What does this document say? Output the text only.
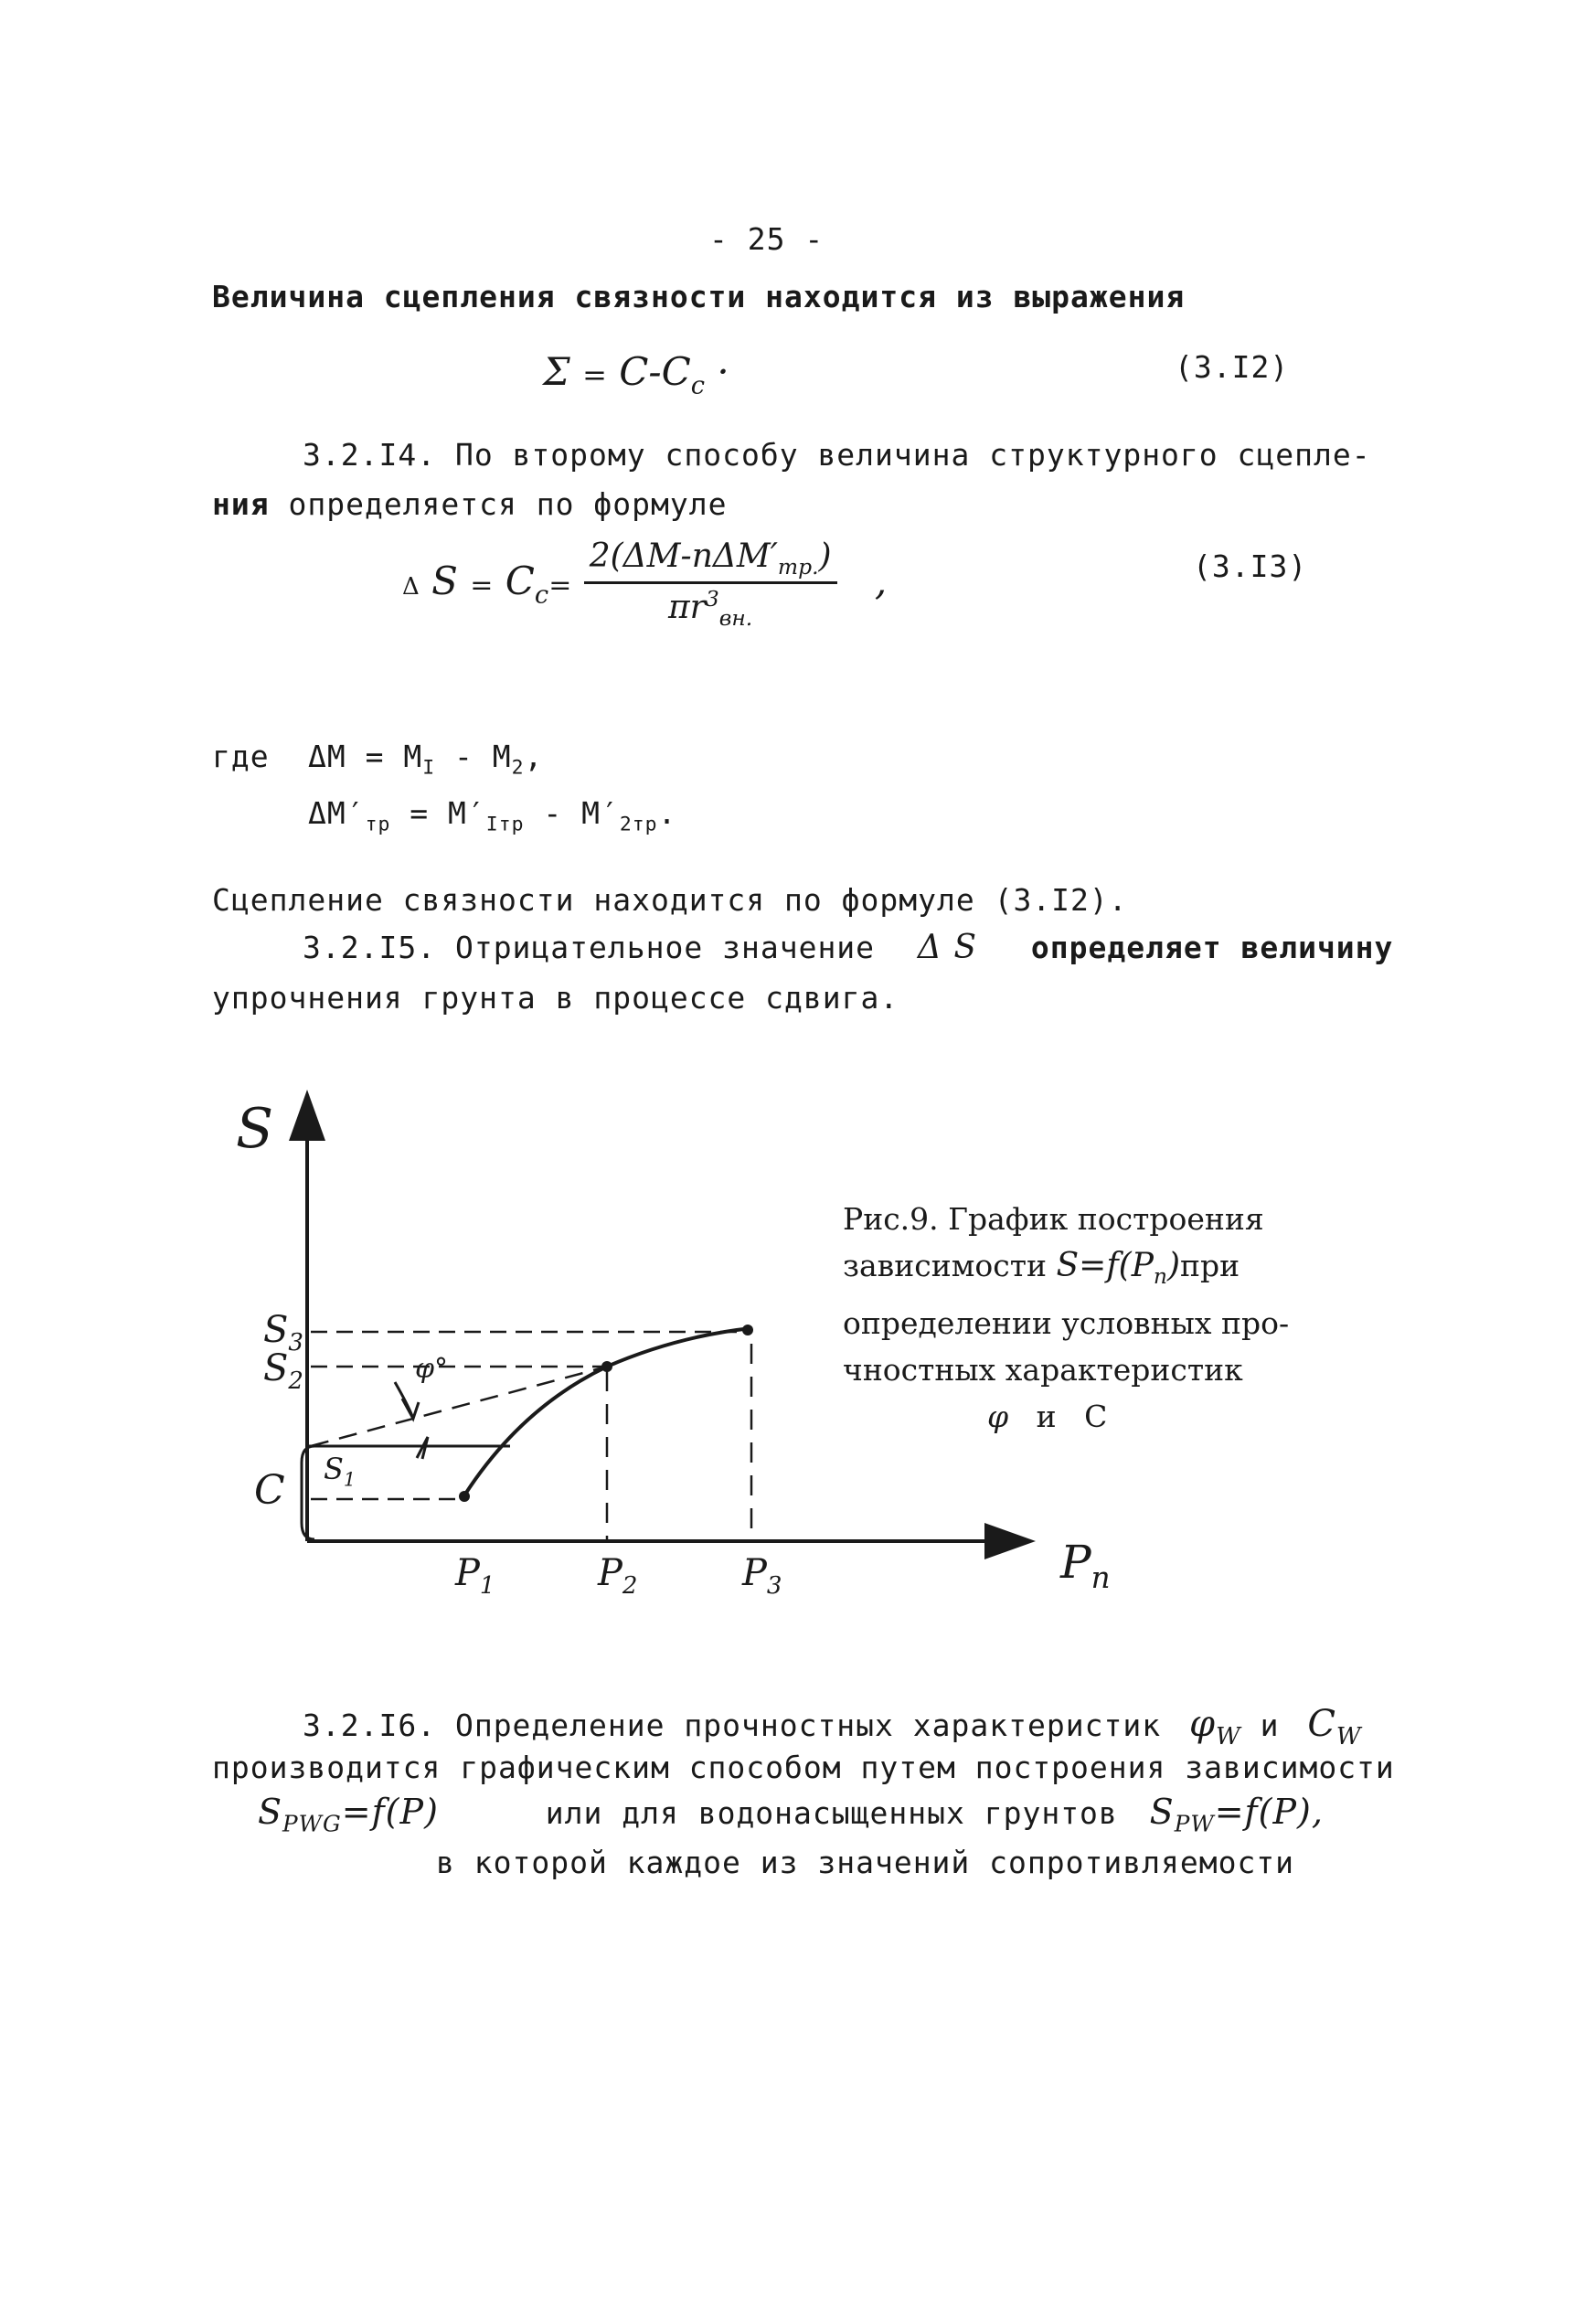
- 25 -
Величина сцепления связности находится из выражения
$\Sigma = C-C_c$ ·	(3.I2)
3.2.I4. По второму способу величина структурного сцепле-
ния определяется по формуле
Δ $S = C_c= \frac{2(\Delta M-n\Delta M'_{тр.})}{\pi r^3_{вн.}}$ ,	(3.I3)
где $\Delta M = M_I - M_2$,
$\Delta M'_{тр} = M'_{Iтр} - M'_{2тр}$.
Сцепление связности находится по формуле (3.I2).
3.2.I5. Отрицательное значение Δ S определяет величину
упрочнения грунта в процессе сдвига.
S
$S_3$
$S_2$
C $S_1$
φ°
$P_1$	$P_2$	$P_3$	$P_n$
Рис.9. График построения
зависимости $S=f(P_n)при$
определении условных про-
чностных характеристик
φ и C
3.2.I6. Определение прочностных характеристик $\varphi_W$ и $C_W$
производится графическим способом путем построения зависимости
$S_{PWG}=f(P)$	или для водонасыщенных грунтов $S_{PW}=f(P)$,
в которой каждое из значений сопротивляемости
